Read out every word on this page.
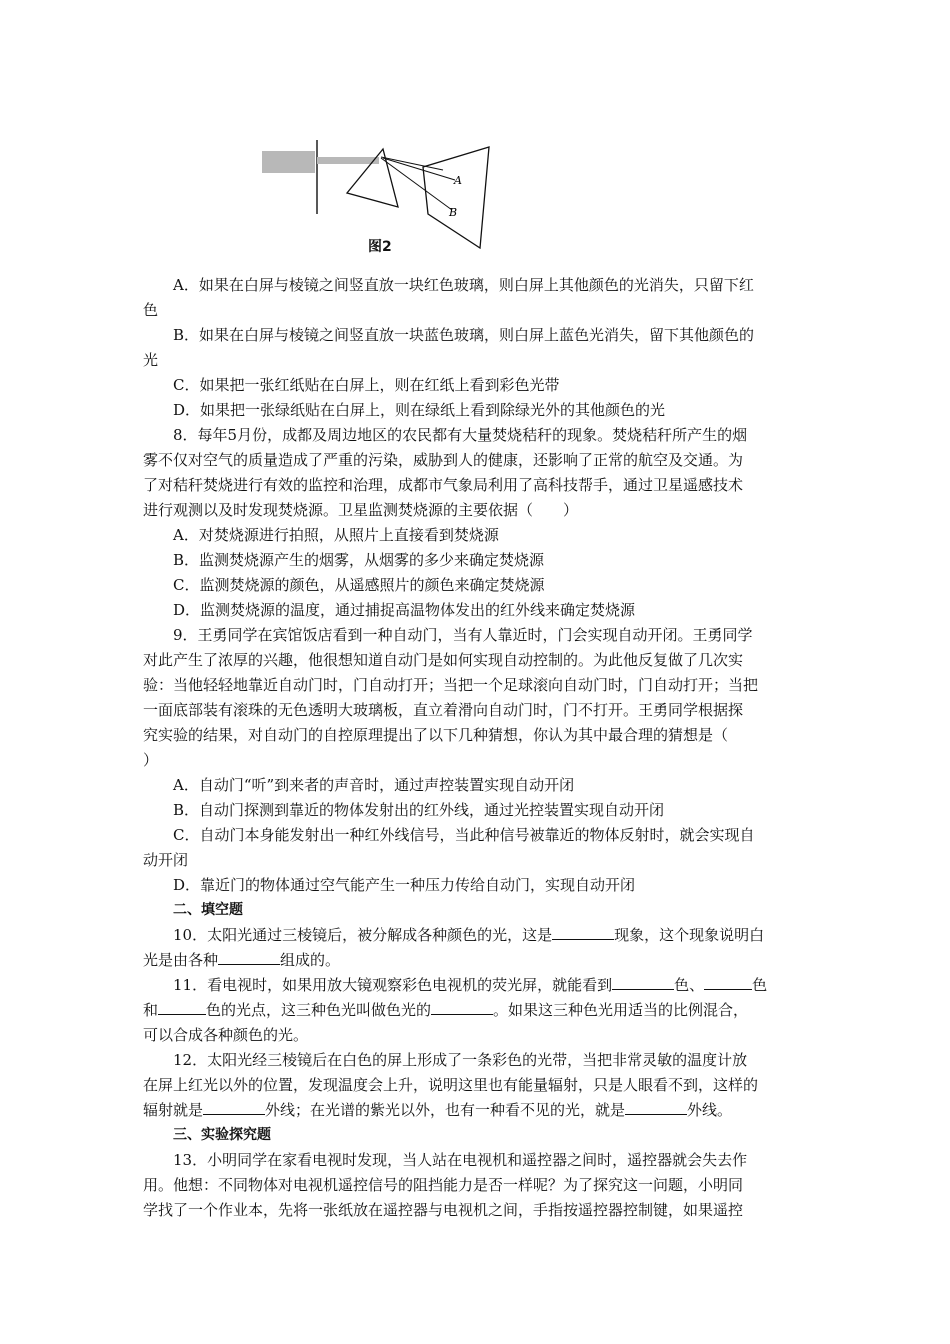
A
B
图2

A．如果在白屏与棱镜之间竖直放一块红色玻璃，则白屏上其他颜色的光消失，只留下红

色

B．如果在白屏与棱镜之间竖直放一块蓝色玻璃，则白屏上蓝色光消失，留下其他颜色的

光

C．如果把一张红纸贴在白屏上，则在红纸上看到彩色光带

D．如果把一张绿纸贴在白屏上，则在绿纸上看到除绿光外的其他颜色的光

8．每年5月份，成都及周边地区的农民都有大量焚烧秸秆的现象。焚烧秸秆所产生的烟

雾不仅对空气的质量造成了严重的污染，威胁到人的健康，还影响了正常的航空及交通。为

了对秸秆焚烧进行有效的监控和治理，成都市气象局利用了高科技帮手，通过卫星遥感技术

进行观测以及时发现焚烧源。卫星监测焚烧源的主要依据（　　）

A．对焚烧源进行拍照，从照片上直接看到焚烧源

B．监测焚烧源产生的烟雾，从烟雾的多少来确定焚烧源

C．监测焚烧源的颜色，从遥感照片的颜色来确定焚烧源

D．监测焚烧源的温度，通过捕捉高温物体发出的红外线来确定焚烧源

9．王勇同学在宾馆饭店看到一种自动门，当有人靠近时，门会实现自动开闭。王勇同学

对此产生了浓厚的兴趣，他很想知道自动门是如何实现自动控制的。为此他反复做了几次实

验：当他轻轻地靠近自动门时，门自动打开；当把一个足球滚向自动门时，门自动打开；当把

一面底部装有滚珠的无色透明大玻璃板，直立着滑向自动门时，门不打开。王勇同学根据探

究实验的结果，对自动门的自控原理提出了以下几种猜想，你认为其中最合理的猜想是（

）

A．自动门“听”到来者的声音时，通过声控装置实现自动开闭

B．自动门探测到靠近的物体发射出的红外线，通过光控装置实现自动开闭

C．自动门本身能发射出一种红外线信号，当此种信号被靠近的物体反射时，就会实现自

动开闭

D．靠近门的物体通过空气能产生一种压力传给自动门，实现自动开闭

二、填空题

10．太阳光通过三棱镜后，被分解成各种颜色的光，这是	现象，这个现象说明白

光是由各种	组成的。

11．看电视时，如果用放大镜观察彩色电视机的荧光屏，就能看到	色、	色

和	色的光点，这三种色光叫做色光的	。如果这三种色光用适当的比例混合，

可以合成各种颜色的光。

12．太阳光经三棱镜后在白色的屏上形成了一条彩色的光带，当把非常灵敏的温度计放

在屏上红光以外的位置，发现温度会上升，说明这里也有能量辐射，只是人眼看不到，这样的

辐射就是	外线；在光谱的紫光以外，也有一种看不见的光，就是	外线。

三、实验探究题

13．小明同学在家看电视时发现，当人站在电视机和遥控器之间时，遥控器就会失去作

用。他想：不同物体对电视机遥控信号的阻挡能力是否一样呢？为了探究这一问题，小明同

学找了一个作业本，先将一张纸放在遥控器与电视机之间，手指按遥控器控制键，如果遥控
